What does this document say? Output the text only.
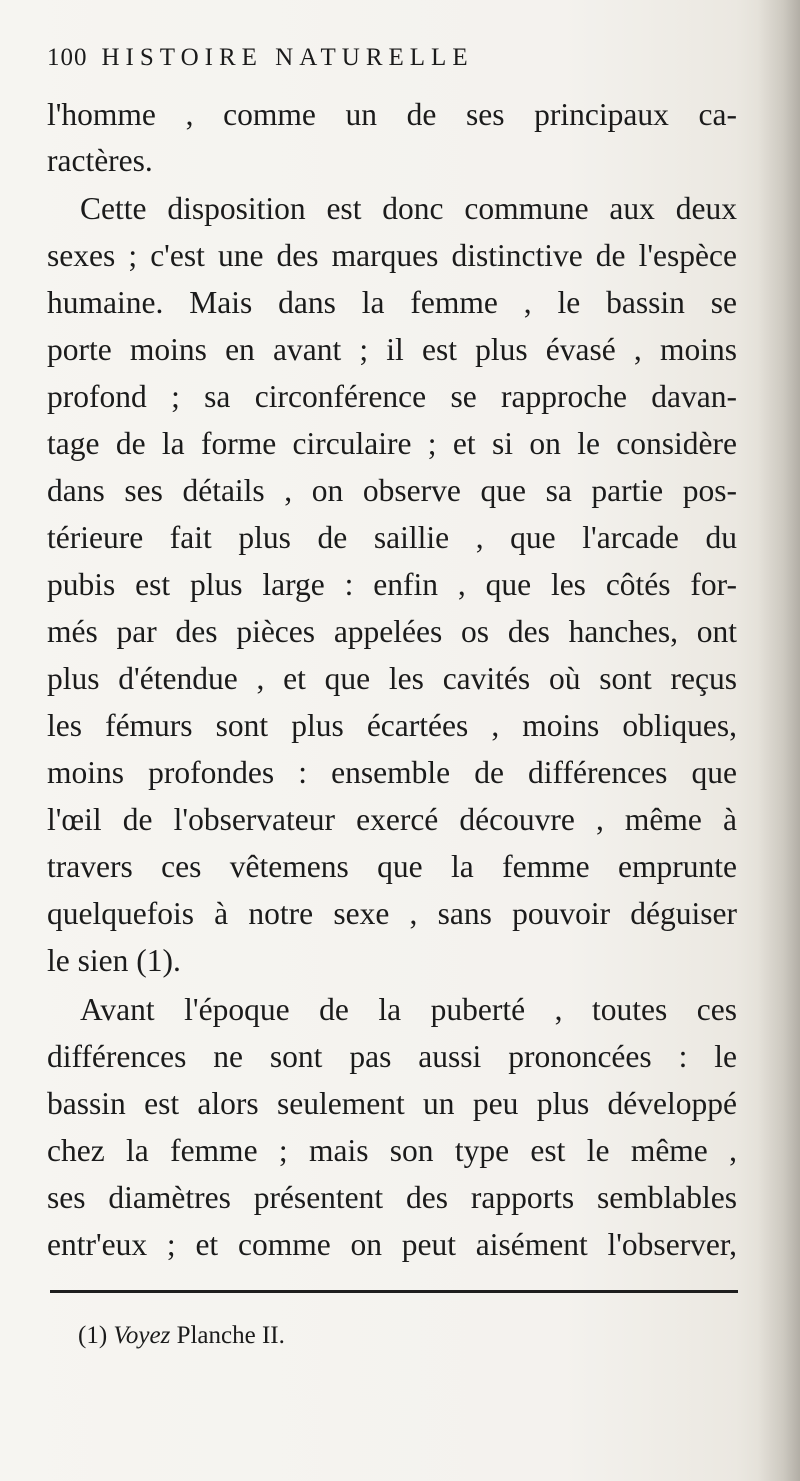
100 HISTOIRE NATURELLE
l'homme , comme un de ses principaux ca-
ractères.
Cette disposition est donc commune aux deux
sexes ; c'est une des marques distinctive de l'espèce
humaine. Mais dans la femme , le bassin se
porte moins en avant ; il est plus évasé , moins
profond ; sa circonférence se rapproche davan-
tage de la forme circulaire ; et si on le considère
dans ses détails , on observe que sa partie pos-
térieure fait plus de saillie , que l'arcade du
pubis est plus large : enfin , que les côtés for-
més par des pièces appelées os des hanches, ont
plus d'étendue , et que les cavités où sont reçus
les fémurs sont plus écartées , moins obliques,
moins profondes : ensemble de différences que
l'œil de l'observateur exercé découvre , même à
travers ces vêtemens que la femme emprunte
quelquefois à notre sexe , sans pouvoir déguiser
le sien (1).
Avant l'époque de la puberté , toutes ces
différences ne sont pas aussi prononcées : le
bassin est alors seulement un peu plus développé
chez la femme ; mais son type est le même ,
ses diamètres présentent des rapports semblables
entr'eux ; et comme on peut aisément l'observer,
(1) Voyez Planche II.
